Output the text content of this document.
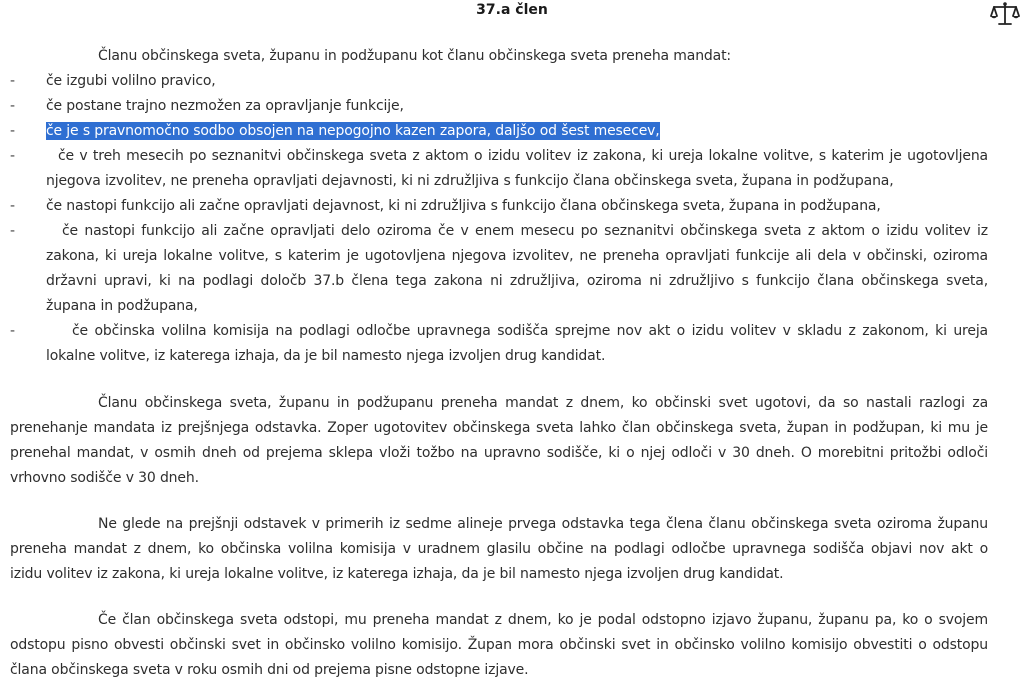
37.a člen
Članu občinskega sveta, županu in podžupanu kot članu občinskega sveta preneha mandat:
- če izgubi volilno pravico,
- če postane trajno nezmožen za opravljanje funkcije,
- če je s pravnomočno sodbo obsojen na nepogojno kazen zapora, daljšo od šest mesecev,
-	če v treh mesecih po seznanitvi občinskega sveta z aktom o izidu volitev iz zakona, ki ureja lokalne volitve, s katerim je ugotovljena
njegova izvolitev, ne preneha opravljati dejavnosti, ki ni združljiva s funkcijo člana občinskega sveta, župana in podžupana,
- če nastopi funkcijo ali začne opravljati dejavnost, ki ni združljiva s funkcijo člana občinskega sveta, župana in podžupana,
-	če nastopi funkcijo ali začne opravljati delo oziroma če v enem mesecu po seznanitvi občinskega sveta z aktom o izidu volitev iz
zakona, ki ureja lokalne volitve, s katerim je ugotovljena njegova izvolitev, ne preneha opravljati funkcije ali dela v občinski, oziroma
državni upravi, ki na podlagi določb 37.b člena tega zakona ni združljiva, oziroma ni združljivo s funkcijo člana občinskega sveta,
župana in podžupana,
-	če občinska volilna komisija na podlagi odločbe upravnega sodišča sprejme nov akt o izidu volitev v skladu z zakonom, ki ureja
lokalne volitve, iz katerega izhaja, da je bil namesto njega izvoljen drug kandidat.
Članu občinskega sveta, županu in podžupanu preneha mandat z dnem, ko občinski svet ugotovi, da so nastali razlogi za
prenehanje mandata iz prejšnjega odstavka. Zoper ugotovitev občinskega sveta lahko član občinskega sveta, župan in podžupan, ki mu je
prenehal mandat, v osmih dneh od prejema sklepa vloži tožbo na upravno sodišče, ki o njej odloči v 30 dneh. O morebitni pritožbi odloči
vrhovno sodišče v 30 dneh.
Ne glede na prejšnji odstavek v primerih iz sedme alineje prvega odstavka tega člena članu občinskega sveta oziroma županu
preneha mandat z dnem, ko občinska volilna komisija v uradnem glasilu občine na podlagi odločbe upravnega sodišča objavi nov akt o
izidu volitev iz zakona, ki ureja lokalne volitve, iz katerega izhaja, da je bil namesto njega izvoljen drug kandidat.
Če član občinskega sveta odstopi, mu preneha mandat z dnem, ko je podal odstopno izjavo županu, županu pa, ko o svojem
odstopu pisno obvesti občinski svet in občinsko volilno komisijo. Župan mora občinski svet in občinsko volilno komisijo obvestiti o odstopu
člana občinskega sveta v roku osmih dni od prejema pisne odstopne izjave.
